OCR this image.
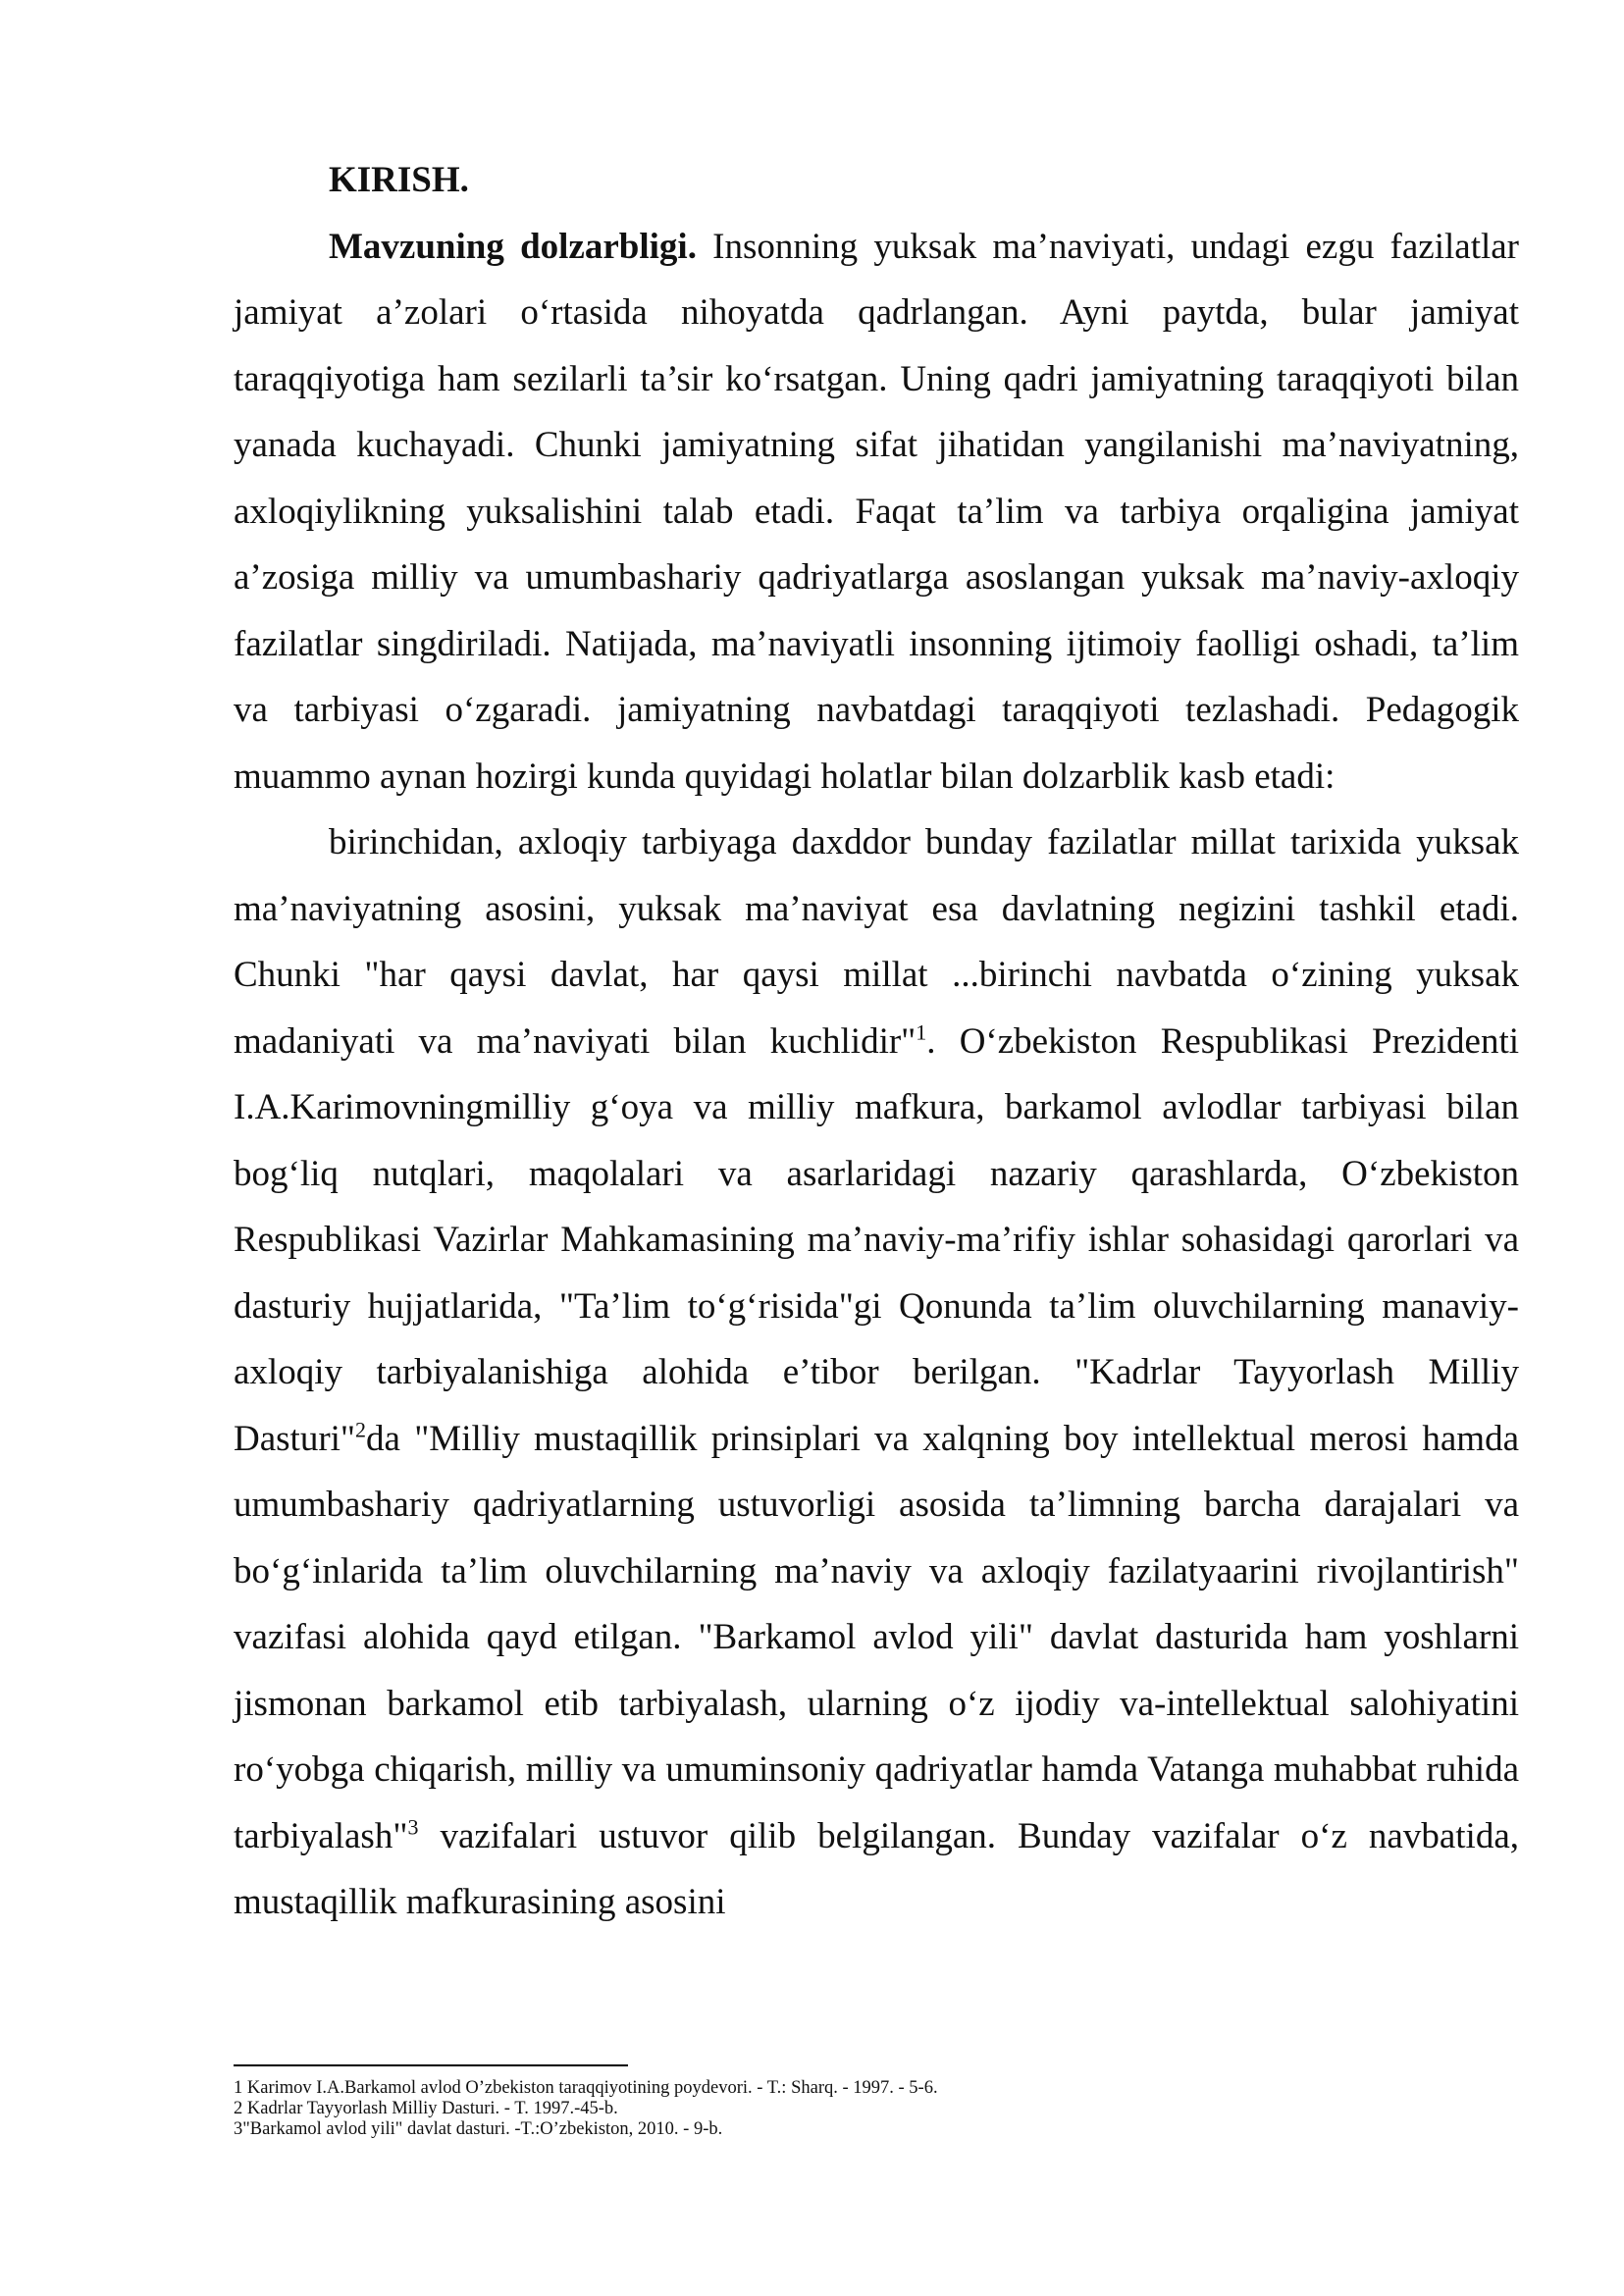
KIRISH.

Mavzuning dolzarbligi. Insonning yuksak ma’naviyati, undagi ezgu fazilatlar jamiyat a’zolari o‘rtasida nihoyatda qadrlangan. Ayni paytda, bular jamiyat taraqqiyotiga ham sezilarli ta’sir ko‘rsatgan. Uning qadri jamiyatning taraqqiyoti bilan yanada kuchayadi. Chunki jamiyatning sifat jihatidan yangilanishi ma’naviyatning, axloqiylikning yuksalishini talab etadi. Faqat ta’lim va tarbiya orqaligina jamiyat a’zosiga milliy va umumbashariy qadriyatlarga asoslangan yuksak ma’naviy-axloqiy fazilatlar singdiriladi. Natijada, ma’naviyatli insonning ijtimoiy faolligi oshadi, ta’lim va tarbiyasi o‘zgaradi. jamiyatning navbatdagi taraqqiyoti tezlashadi. Pedagogik muammo aynan hozirgi kunda quyidagi holatlar bilan dolzarblik kasb etadi:

birinchidan, axloqiy tarbiyaga daxddor bunday fazilatlar millat tarixida yuksak ma’naviyatning asosini, yuksak ma’naviyat esa davlatning negizini tashkil etadi. Chunki "har qaysi davlat, har qaysi millat ...birinchi navbatda o‘zining yuksak madaniyati va ma’naviyati bilan kuchlidir"$^1$. O‘zbekiston Respublikasi Prezidenti I.A.Karimovningmilliy g‘oya va milliy mafkura, barkamol avlodlar tarbiyasi bilan bog‘liq nutqlari, maqolalari va asarlaridagi nazariy qarashlarda, O‘zbekiston Respublikasi Vazirlar Mahkamasining ma’naviy-ma’rifiy ishlar sohasidagi qarorlari va dasturiy hujjatlarida, "Ta’lim to‘g‘risida"gi Qonunda ta’lim oluvchilarning manaviy-axloqiy tarbiyalanishiga alohida e’tibor berilgan. "Kadrlar Tayyorlash Milliy Dasturi"$^2$da "Milliy mustaqillik prinsiplari va xalqning boy intellektual merosi hamda umumbashariy qadriyatlarning ustuvorligi asosida ta’limning barcha darajalari va bo‘g‘inlarida ta’lim oluvchilarning ma’naviy va axloqiy fazilatyaarini rivojlantirish" vazifasi alohida qayd etilgan. "Barkamol avlod yili" davlat dasturida ham yoshlarni jismonan barkamol etib tarbiyalash, ularning o‘z ijodiy va-intellektual salohiyatini ro‘yobga chiqarish, milliy va umuminsoniy qadriyatlar hamda Vatanga muhabbat ruhida tarbiyalash"$^3$ vazifalari ustuvor qilib belgilangan. Bunday vazifalar o‘z navbatida, mustaqillik mafkurasining asosini

1 Karimov I.A.Barkamol avlod O’zbekiston taraqqiyotining poydevori. - T.: Sharq. - 1997. - 5-6.

2 Kadrlar Tayyorlash Milliy Dasturi. - T. 1997.-45-b.

3"Barkamol avlod yili" davlat dasturi. -T.:O’zbekiston, 2010. - 9-b.
